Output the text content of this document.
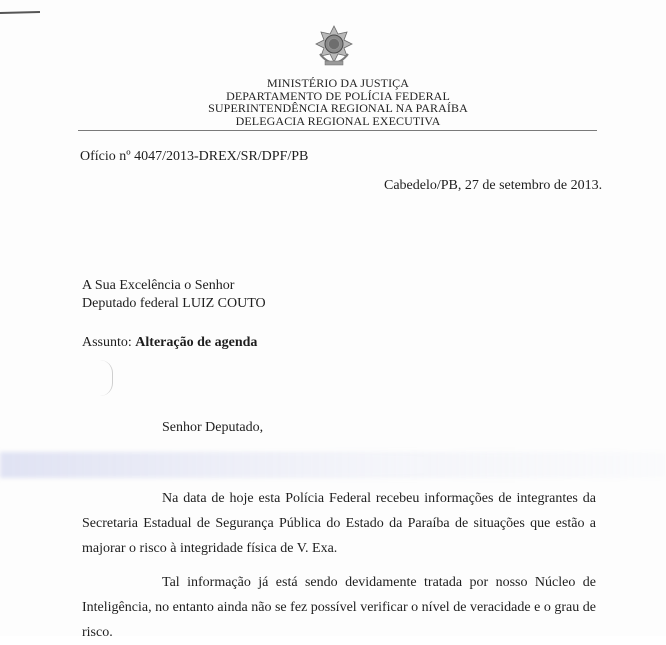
MINISTÉRIO DA JUSTIÇA
DEPARTAMENTO DE POLÍCIA FEDERAL
SUPERINTENDÊNCIA REGIONAL NA PARAÍBA
DELEGACIA REGIONAL EXECUTIVA
Ofício nº 4047/2013-DREX/SR/DPF/PB
Cabedelo/PB, 27 de setembro de 2013.
A Sua Excelência o Senhor
Deputado federal LUIZ COUTO
Assunto: Alteração de agenda
Senhor Deputado,
Na data de hoje esta Polícia Federal recebeu informações de integrantes da Secretaria Estadual de Segurança Pública do Estado da Paraíba de situações que estão a majorar o risco à integridade física de V. Exa.
Tal informação já está sendo devidamente tratada por nosso Núcleo de Inteligência, no entanto ainda não se fez possível verificar o nível de veracidade e o grau de risco.
